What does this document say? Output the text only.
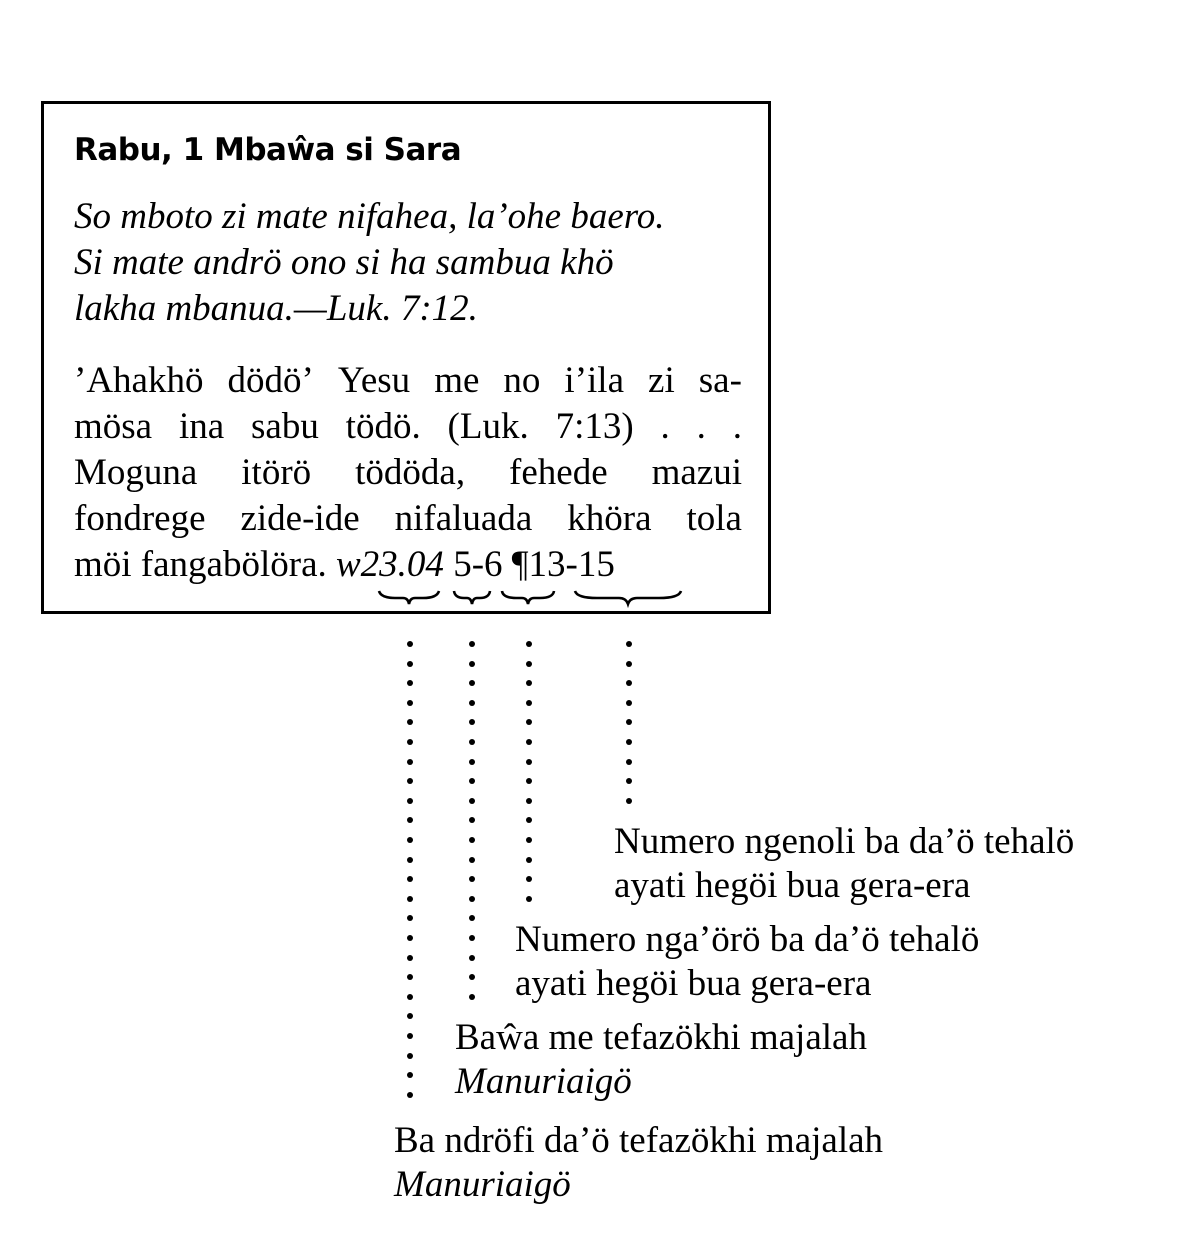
Rabu, 1 Mbaŵa si Sara
So mboto zi mate nifahea, la’ohe baero.
Si mate andrö ono si ha sambua khö
lakha mbanua.—Luk. 7:12.
’Ahakhö dödö’ Yesu me no i’ila zi sa-
mösa ina sabu tödö. (Luk. 7:13) . . .
Moguna itörö tödöda, fehede mazui
fondrege zide-ide nifaluada khöra tola
möi fangabölöra.
w23.04
5-6
¶13-15
Numero ngenoli ba da’ö tehalö
ayati hegöi bua gera-era
Numero nga’örö ba da’ö tehalö
ayati hegöi bua gera-era
Baŵa me tefazökhi majalah
Manuriaigö
Ba ndröfi da’ö tefazökhi majalah
Manuriaigö
